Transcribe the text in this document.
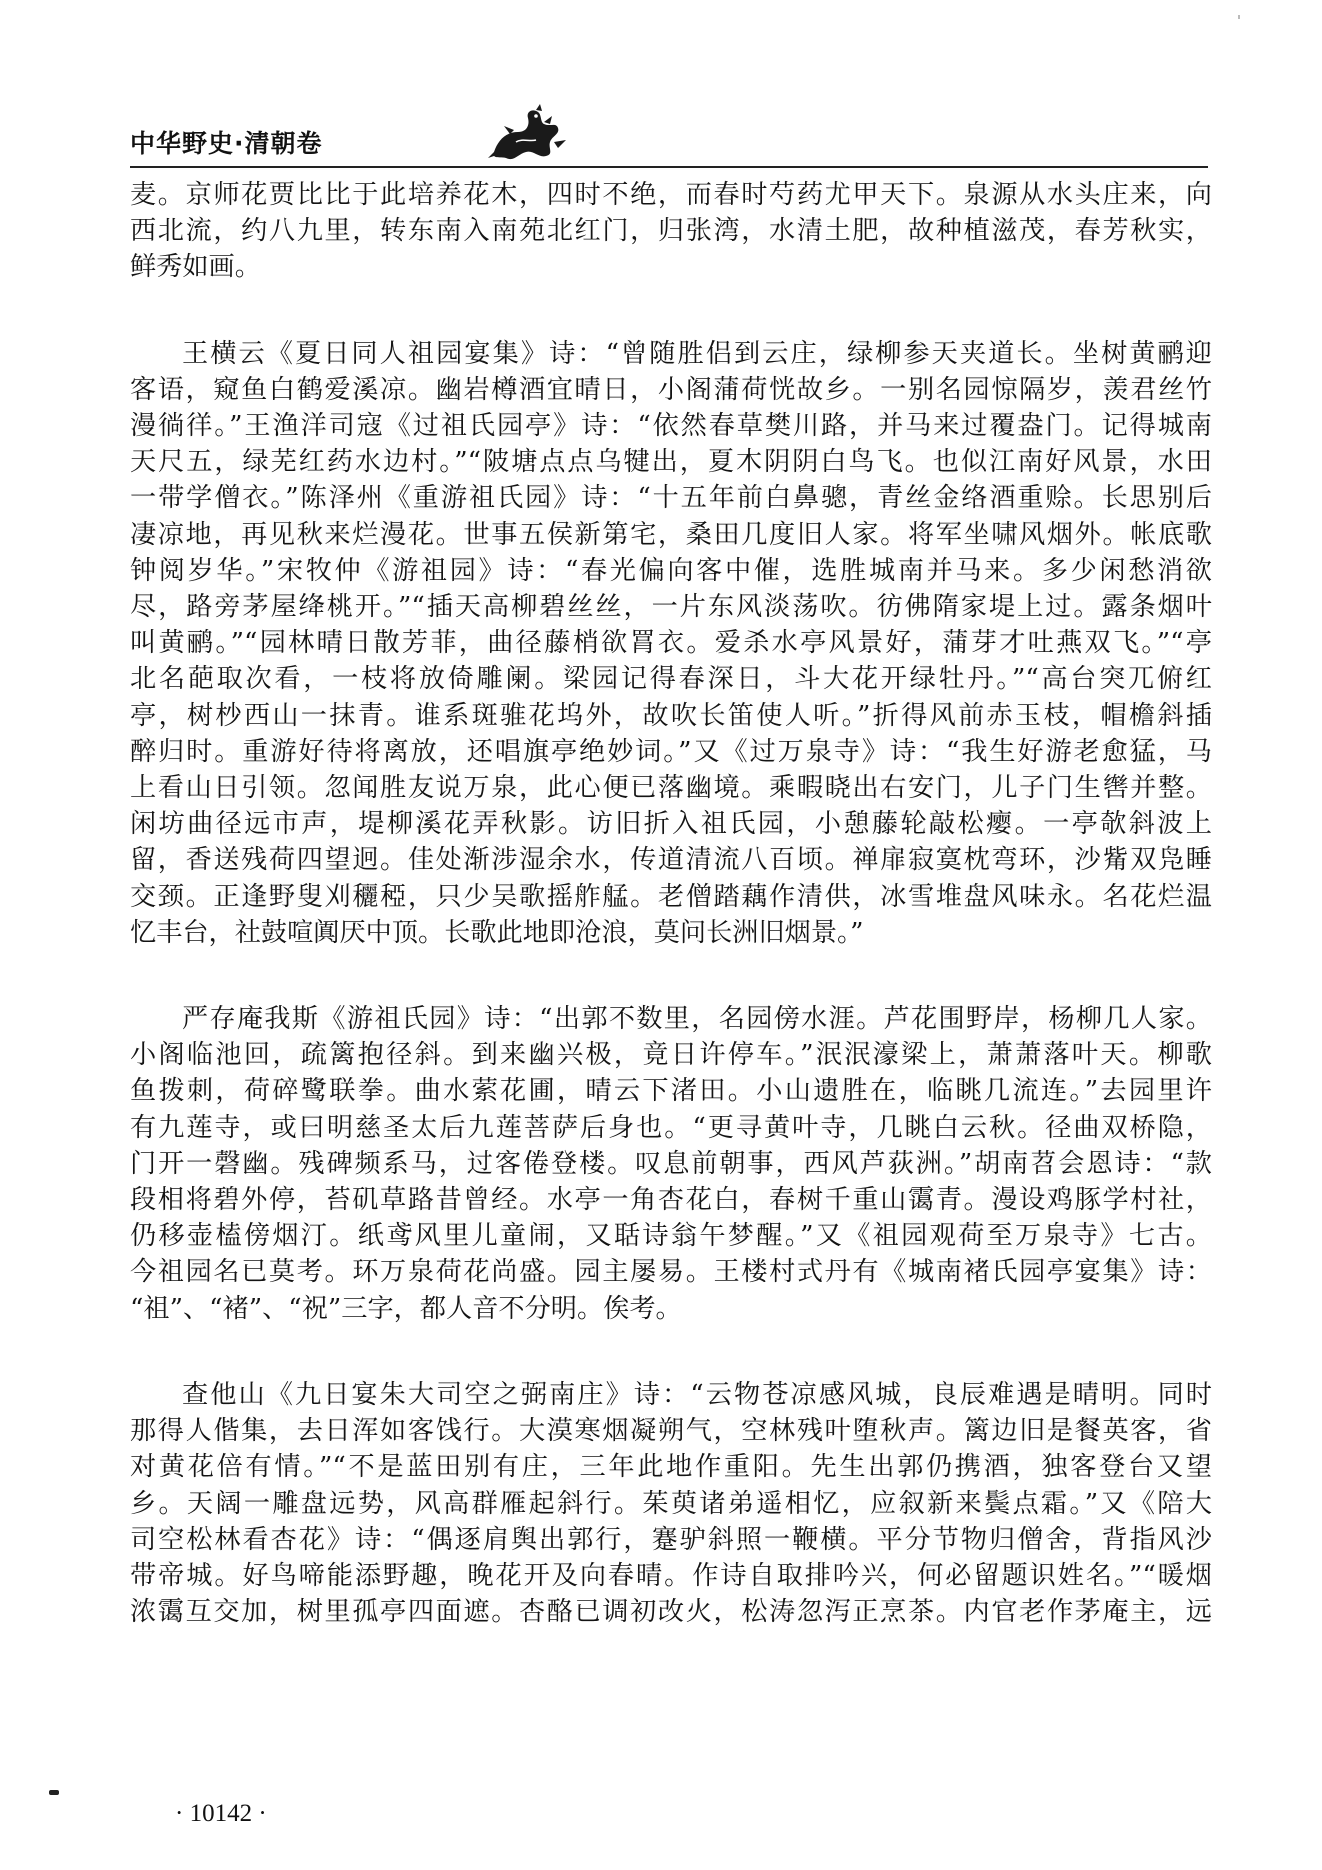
中华野史·清朝卷
麦。京师花贾比比于此培养花木，四时不绝，而春时芍药尤甲天下。泉源从水头庄来，向
西北流，约八九里，转东南入南苑北红门，归张湾，水清土肥，故种植滋茂，春芳秋实，
鲜秀如画。
王横云《夏日同人祖园宴集》诗：“曾随胜侣到云庄，绿柳参天夹道长。坐树黄鹂迎
客语，窥鱼白鹤爱溪凉。幽岩樽酒宜晴日，小阁蒲荷恍故乡。一别名园惊隔岁，羡君丝竹
漫徜徉。”王渔洋司寇《过祖氏园亭》诗：“依然春草樊川路，并马来过覆盎门。记得城南
天尺五，绿芜红药水边村。”“陂塘点点乌犍出，夏木阴阴白鸟飞。也似江南好风景，水田
一带学僧衣。”陈泽州《重游祖氏园》诗：“十五年前白鼻骢，青丝金络酒重赊。长思别后
凄凉地，再见秋来烂漫花。世事五侯新第宅，桑田几度旧人家。将军坐啸风烟外。帐底歌
钟阅岁华。”宋牧仲《游祖园》诗：“春光偏向客中催，选胜城南并马来。多少闲愁消欲
尽，路旁茅屋绛桃开。”“插天高柳碧丝丝，一片东风淡荡吹。彷佛隋家堤上过。露条烟叶
叫黄鹂。”“园林晴日散芳菲，曲径藤梢欲罥衣。爱杀水亭风景好，蒲芽才吐燕双飞。”“亭
北名葩取次看，一枝将放倚雕阑。梁园记得春深日，斗大花开绿牡丹。”“高台突兀俯红
亭，树杪西山一抹青。谁系斑骓花坞外，故吹长笛使人听。”折得风前赤玉枝，帽檐斜插
醉归时。重游好待将离放，还唱旗亭绝妙词。”又《过万泉寺》诗：“我生好游老愈猛，马
上看山日引领。忽闻胜友说万泉，此心便已落幽境。乘暇晓出右安门，儿子门生辔并整。
闲坊曲径远市声，堤柳溪花弄秋影。访旧折入祖氏园，小憩藤轮敲松瘿。一亭欹斜波上
留，香送残荷四望迥。佳处渐涉湿余水，传道清流八百顷。禅扉寂寞枕弯环，沙觜双凫睡
交颈。正逢野叟刈穲稏，只少吴歌摇舴艋。老僧踏藕作清供，冰雪堆盘风味永。名花烂温
忆丰台，社鼓喧阗厌中顶。长歌此地即沧浪，莫问长洲旧烟景。”
严存庵我斯《游祖氏园》诗：“出郭不数里，名园傍水涯。芦花围野岸，杨柳几人家。
小阁临池回，疏篱抱径斜。到来幽兴极，竟日许停车。”泯泯濠梁上，萧萧落叶天。柳歌
鱼拨刺，荷碎鹭联拳。曲水萦花圃，晴云下渚田。小山遗胜在，临眺几流连。”去园里许
有九莲寺，或曰明慈圣太后九莲菩萨后身也。“更寻黄叶寺，几眺白云秋。径曲双桥隐，
门开一磬幽。残碑频系马，过客倦登楼。叹息前朝事，西风芦荻洲。”胡南苕会恩诗：“款
段相将碧外停，苔矶草路昔曾经。水亭一角杏花白，春树千重山霭青。漫设鸡豚学村社，
仍移壶榼傍烟汀。纸鸢风里儿童闹，又聒诗翁午梦醒。”又《祖园观荷至万泉寺》七古。
今祖园名已莫考。环万泉荷花尚盛。园主屡易。王楼村式丹有《城南褚氏园亭宴集》诗：
“祖”、“褚”、“祝”三字，都人音不分明。俟考。
查他山《九日宴朱大司空之弼南庄》诗：“云物苍凉感风城，良辰难遇是晴明。同时
那得人偕集，去日浑如客饯行。大漠寒烟凝朔气，空林残叶堕秋声。篱边旧是餐英客，省
对黄花倍有情。”“不是蓝田别有庄，三年此地作重阳。先生出郭仍携酒，独客登台又望
乡。天阔一雕盘远势，风高群雁起斜行。茱萸诸弟遥相忆，应叙新来鬓点霜。”又《陪大
司空松林看杏花》诗：“偶逐肩舆出郭行，蹇驴斜照一鞭横。平分节物归僧舍，背指风沙
带帝城。好鸟啼能添野趣，晚花开及向春晴。作诗自取排吟兴，何必留题识姓名。”“暖烟
浓霭互交加，树里孤亭四面遮。杏酪已调初改火，松涛忽泻正烹茶。内官老作茅庵主，远
· 10142 ·
